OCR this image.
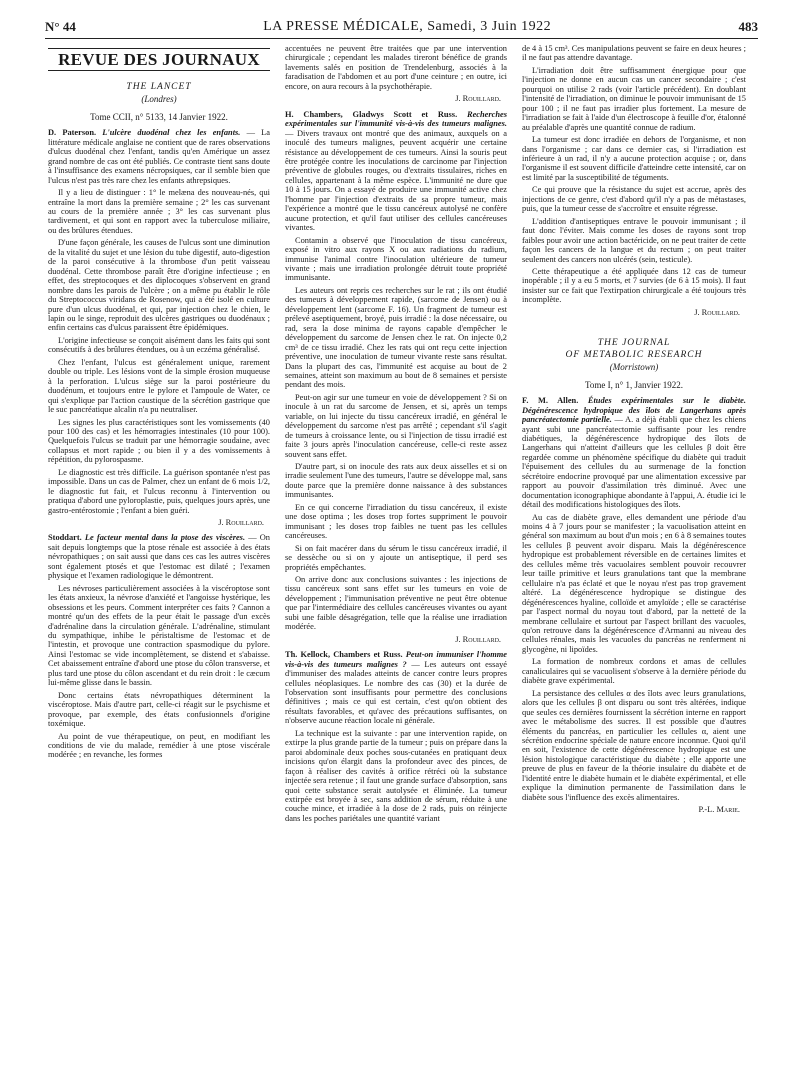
N° 44	LA PRESSE MÉDICALE, Samedi, 3 Juin 1922	483
REVUE DES JOURNAUX
THE LANCET
(Londres)
Tome CCII, n° 5133, 14 Janvier 1922.

D. Paterson. L'ulcère duodénal chez les enfants. — La littérature médicale anglaise ne contient que de rares observations d'ulcus duodénal chez l'enfant, tandis qu'en Amérique un assez grand nombre de cas ont été publiés. Ce contraste tient sans doute à l'insuffisance des examens nécropsiques, car il semble bien que l'ulcus n'est pas très rare chez les enfants athrepsiques.

Il y a lieu de distinguer : 1° le melæna des nouveau-nés, qui entraîne la mort dans la première semaine ; 2° les cas survenant au cours de la première année ; 3° les cas survenant plus tardivement, et qui sont en rapport avec la tuberculose miliaire, ou des brûlures étendues.

D'une façon générale, les causes de l'ulcus sont une diminution de la vitalité du sujet et une lésion du tube digestif, auto-digestion de la paroi consécutive à la thrombose d'un petit vaisseau duodénal. Cette thrombose paraît être d'origine infectieuse ; en effet, des streptocoques et des diplocoques s'observent en grand nombre dans les parois de l'ulcère ; on a même pu établir le rôle du Streptococcus viridans de Rosenow, qui a été isolé en culture pure d'un ulcus duodénal, et qui, par injection chez le chien, le lapin ou le singe, reproduit des ulcères gastriques ou duodénaux ; enfin certains cas d'ulcus paraissent être épidémiques.

L'origine infectieuse se conçoit aisément dans les faits qui sont consécutifs à des brûlures étendues, ou à un eczéma généralisé.

Chez l'enfant, l'ulcus est généralement unique, rarement double ou triple. Les lésions vont de la simple érosion muqueuse à la perforation. L'ulcus siège sur la paroi postérieure du duodénum, et toujours entre le pylore et l'ampoule de Water, ce qui s'explique par l'action caustique de la sécrétion gastrique que le suc pancréatique alcalin n'a pu neutraliser.

Les signes les plus caractéristiques sont les vomissements (40 pour 100 des cas) et les hémorragies intestinales (10 pour 100). Quelquefois l'ulcus se traduit par une hémorragie soudaine, avec collapsus et mort rapide ; ou bien il y a des vomissements à répétition, du pylorospasme.

Le diagnostic est très difficile. La guérison spontanée n'est pas impossible. Dans un cas de Palmer, chez un enfant de 6 mois 1/2, le diagnostic fut fait, et l'ulcus reconnu à l'intervention ou pratiqua d'abord une pyloroplastie, puis, quelques jours après, une gastro-entérostomie ; l'enfant a bien guéri.

J. Rouillard.

Stoddart. Le facteur mental dans la ptose des viscères. — On sait depuis longtemps que la ptose rénale est associée à des états névropathiques ; on sait aussi que dans ces cas les autres viscères sont également ptosés et que l'estomac est dilaté ; l'examen physique et l'examen radiologique le démontrent.

Les névroses particulièrement associées à la viscéroptose sont les états anxieux, la névrose d'anxiété et l'angoisse hystérique, les obsessions et les peurs. Comment interpréter ces faits ? Cannon a montré qu'un des effets de la peur était le passage d'un excès d'adrénaline dans la circulation générale. L'adrénaline, stimulant du sympathique, inhibe le péristaltisme de l'estomac et de l'intestin, et provoque une contraction spasmodique du pylore. Ainsi l'estomac se vide incomplètement, se distend et s'abaisse. Cet abaissement entraîne d'abord une ptose du côlon transverse, et plus tard une ptose du côlon ascendant et du rein droit : le cæcum lui-même glisse dans le bassin.

Donc certains états névropathiques déterminent la viscéroptose. Mais d'autre part, celle-ci réagit sur le psychisme et provoque, par exemple, des états confusionnels d'origine toxémique.

Au point de vue thérapeutique, on peut, en modifiant les conditions de vie du malade, remédier à une ptose viscérale modérée ; en revanche, les formes

accentuées ne peuvent être traitées que par une intervention chirurgicale ; cependant les malades tireront bénéfice de grands lavements salés en position de Trendelenburg, associés à la faradisation de l'abdomen et au port d'une ceinture ; en outre, ici encore, on aura recours à la psychothérapie.

J. Rouillard.

H. Chambers, Gladwys Scott et Russ. Recherches expérimentales sur l'immunité vis-à-vis des tumeurs malignes. — Divers travaux ont montré que des animaux, auxquels on a inoculé des tumeurs malignes, peuvent acquérir une certaine résistance au développement de ces tumeurs. Ainsi la souris peut être protégée contre les inoculations de carcinome par l'injection préventive de globules rouges, ou d'extraits tissulaires, riches en cellules, appartenant à la même espèce. L'immunité ne dure que 10 à 15 jours. On a essayé de produire une immunité active chez l'homme par l'injection d'extraits de sa propre tumeur, mais l'expérience a montré que le tissu cancéreux autolysé ne confère aucune protection, et qu'il faut utiliser des cellules cancéreuses vivantes.

Contamin a observé que l'inoculation de tissu cancéreux, exposé in vitro aux rayons X ou aux radiations du radium, immunise l'animal contre l'inoculation ultérieure de tumeur vivante ; mais une irradiation prolongée détruit toute propriété immunisante.

Les auteurs ont repris ces recherches sur le rat ; ils ont étudié des tumeurs à développement rapide, (sarcome de Jensen) ou à développement lent (sarcome F. 16). Un fragment de tumeur est prélevé aseptiquement, broyé, puis irradié : la dose nécessaire, ou rad, sera la dose minima de rayons capable d'empêcher le développement du sarcome de Jensen chez le rat. On injecte 0,2 cm³ de ce tissu irradié. Chez les rats qui ont reçu cette injection préventive, une inoculation de tumeur vivante reste sans résultat. Dans la plupart des cas, l'immunité est acquise au bout de 2 semaines, atteint son maximum au bout de 8 semaines et persiste pendant des mois.

Peut-on agir sur une tumeur en voie de développement ? Si on inocule à un rat du sarcome de Jensen, et si, après un temps variable, on lui injecte du tissu cancéreux irradié, en général le développement du sarcome n'est pas arrêté ; cependant s'il s'agit de tumeurs à croissance lente, ou si l'injection de tissu irradié est faite 3 jours après l'inoculation cancéreuse, celle-ci reste assez souvent sans effet.

D'autre part, si on inocule des rats aux deux aisselles et si on irradie seulement l'une des tumeurs, l'autre se développe mal, sans doute parce que la première donne naissance à des substances immunisantes.

En ce qui concerne l'irradiation du tissu cancéreux, il existe une dose optima ; les doses trop fortes suppriment le pouvoir immunisant ; les doses trop faibles ne tuent pas les cellules cancéreuses.

Si on fait macérer dans du sérum le tissu cancéreux irradié, il se dessèche ou si on y ajoute un antiseptique, il perd ses propriétés empêchantes.

On arrive donc aux conclusions suivantes : les injections de tissu cancéreux sont sans effet sur les tumeurs en voie de développement ; l'immunisation préventive ne peut être obtenue que par l'intermédiaire des cellules cancéreuses vivantes ou ayant subi une faible désagrégation, telle que la réalise une irradiation modérée.

J. Rouillard.

Th. Kellock, Chambers et Russ. Peut-on immuniser l'homme vis-à-vis des tumeurs malignes ? — Les auteurs ont essayé d'immuniser des malades atteints de cancer contre leurs propres cellules néoplasiques. Le nombre des cas (30) et la durée de l'observation sont insuffisants pour permettre des conclusions définitives ; mais ce qui est certain, c'est qu'on obtient des résultats favorables, et qu'avec des précautions suffisantes, on n'observe aucune réaction locale ni générale.

La technique est la suivante : par une intervention rapide, on extirpe la plus grande partie de la tumeur ; puis on prépare dans la paroi abdominale deux poches sous-cutanées en pratiquant deux incisions qu'on élargit dans la profondeur avec des pinces, de façon à réaliser des cavités à orifice rétréci où la substance injectée sera retenue ; il faut une grande surface d'absorption, sans quoi cette substance serait autolysée et éliminée. La tumeur extirpée est broyée à sec, sans addition de sérum, réduite à une couche mince, et irradiée à la dose de 2 rads, puis on réinjecte dans les poches pariétales une quantité variant

de 4 à 15 cm³. Ces manipulations peuvent se faire en deux heures ; il ne faut pas attendre davantage.

L'irradiation doit être suffisamment énergique pour que l'injection ne donne en aucun cas un cancer secondaire ; c'est pourquoi on utilise 2 rads (voir l'article précédent). En doublant l'intensité de l'irradiation, on diminue le pouvoir immunisant de 15 pour 100 ; il ne faut pas irradier plus fortement. La mesure de l'irradiation se fait à l'aide d'un électroscope à feuille d'or, étalonné au préalable d'après une quantité connue de radium.

La tumeur est donc irradiée en dehors de l'organisme, et non dans l'organisme ; car dans ce dernier cas, si l'irradiation est inférieure à un rad, il n'y a aucune protection acquise ; or, dans l'organisme il est souvent difficile d'atteindre cette intensité, car on est limité par la susceptibilité de téguments.

Ce qui prouve que la résistance du sujet est accrue, après des injections de ce genre, c'est d'abord qu'il n'y a pas de métastases, puis, que la tumeur cesse de s'accroître et ensuite régresse.

L'addition d'antiseptiques entrave le pouvoir immunisant ; il faut donc l'éviter. Mais comme les doses de rayons sont trop faibles pour avoir une action bactéricide, on ne peut traiter de cette façon les cancers de la langue et du rectum ; on peut traiter seulement des cancers non ulcérés (sein, testicule).

Cette thérapeutique a été appliquée dans 12 cas de tumeur inopérable ; il y a eu 5 morts, et 7 survies (de 6 à 15 mois). Il faut insister sur ce fait que l'extirpation chirurgicale a été toujours très incomplète.

J. Rouillard.
THE JOURNAL
OF METABOLIC RESEARCH
(Morristown)
Tome I, n° 1, Janvier 1922.

F. M. Allen. Études expérimentales sur le diabète. Dégénérescence hydropique des îlots de Langerhans après pancréatectomie partielle. — A. a déjà établi que chez les chiens ayant subi une pancréatectomie suffisante pour les rendre diabétiques, la dégénérescence hydropique des îlots de Langerhans qui n'atteint d'ailleurs que les cellules β doit être regardée comme un phénomène spécifique du diabète qui traduit l'épuisement des cellules du au surmenage de la fonction sécrétoire endocrine provoqué par une alimentation excessive par rapport au pouvoir d'assimilation très diminué. Avec une documentation iconographique abondante à l'appui, A. étudie ici le détail des modifications histologiques des îlots.

Au cas de diabète grave, elles demandent une période d'au moins 4 à 7 jours pour se manifester ; la vacuolisation atteint en général son maximum au bout d'un mois ; en 6 à 8 semaines toutes les cellules β peuvent avoir disparu. Mais la dégénérescence hydropique est probablement réversible en de certaines limites et des cellules même très vacuolaires semblent pouvoir recouvrer leur taille primitive et leurs granulations tant que la membrane cellulaire n'a pas éclaté et que le noyau n'est pas trop gravement altéré. La dégénérescence hydropique se distingue des dégénérescences hyaline, colloïde et amyloïde ; elle se caractérise par l'aspect normal du noyau tout d'abord, par la netteté de la membrane cellulaire et surtout par l'aspect brillant des vacuoles, qu'on retrouve dans la dégénérescence d'Armanni au niveau des cellules rénales, mais les vacuoles du pancréas ne renferment ni glycogène, ni lipoïdes.

La formation de nombreux cordons et amas de cellules canaliculaires qui se vacuolisent s'observe à la dernière période du diabète grave expérimental.

La persistance des cellules α des îlots avec leurs granulations, alors que les cellules β ont disparu ou sont très altérées, indique que seules ces dernières fournissent la sécrétion interne en rapport avec le métabolisme des sucres. Il est possible que d'autres éléments du pancréas, en particulier les cellules α, aient une sécrétion endocrine spéciale de nature encore inconnue. Quoi qu'il en soit, l'existence de cette dégénérescence hydropique est une lésion histologique caractéristique du diabète ; elle apporte une preuve de plus en faveur de la théorie insulaire du diabète et de l'identité entre le diabète humain et le diabète expérimental, et elle explique la diminution permanente de l'assimilation dans le diabète sous l'influence des excès alimentaires.

P.-L. Marie.
